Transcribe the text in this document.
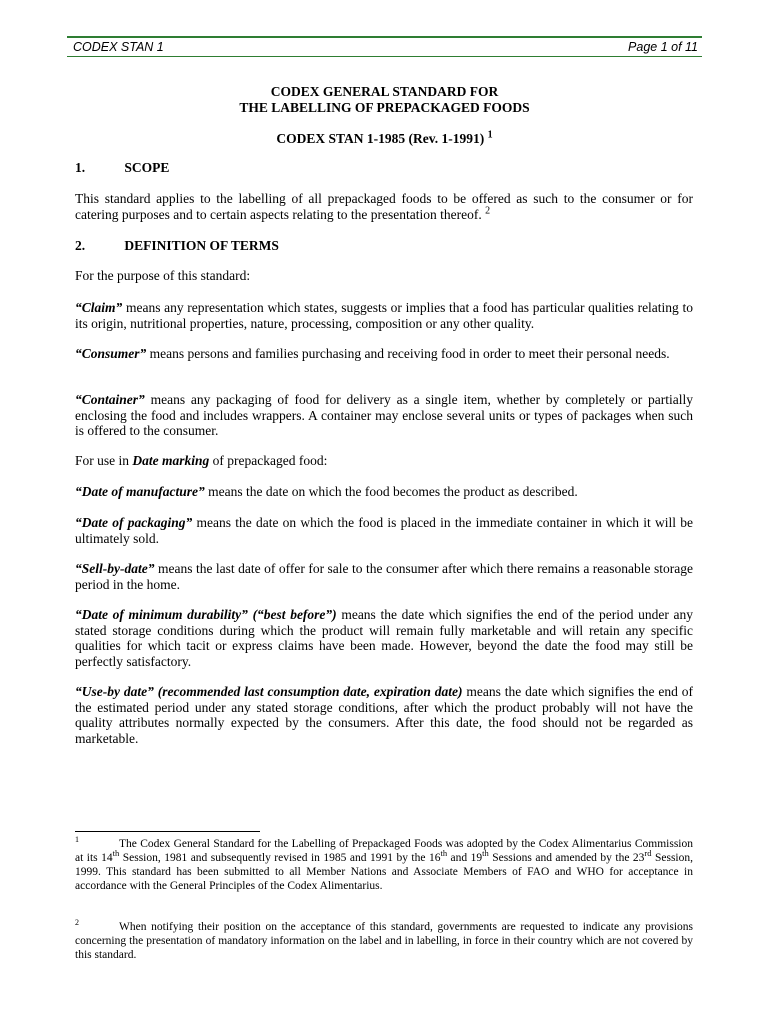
CODEX STAN 1	Page 1 of 11
CODEX GENERAL STANDARD FOR
THE LABELLING OF PREPACKAGED FOODS
CODEX STAN 1-1985 (Rev. 1-1991) $^1$
1.	SCOPE
This standard applies to the labelling of all prepackaged foods to be offered as such to the consumer or for catering purposes and to certain aspects relating to the presentation thereof. $^2$
2.	DEFINITION OF TERMS
For the purpose of this standard:
“Claim” means any representation which states, suggests or implies that a food has particular qualities relating to its origin, nutritional properties, nature, processing, composition or any other quality.
“Consumer” means persons and families purchasing and receiving food in order to meet their personal needs.
“Container” means any packaging of food for delivery as a single item, whether by completely or partially enclosing the food and includes wrappers. A container may enclose several units or types of packages when such is offered to the consumer.
For use in Date marking of prepackaged food:
“Date of manufacture” means the date on which the food becomes the product as described.
“Date of packaging” means the date on which the food is placed in the immediate container in which it will be ultimately sold.
“Sell-by-date” means the last date of offer for sale to the consumer after which there remains a reasonable storage period in the home.
“Date of minimum durability” (“best before”) means the date which signifies the end of the period under any stated storage conditions during which the product will remain fully marketable and will retain any specific qualities for which tacit or express claims have been made. However, beyond the date the food may still be perfectly satisfactory.
“Use-by date” (recommended last consumption date, expiration date) means the date which signifies the end of the estimated period under any stated storage conditions, after which the product probably will not have the quality attributes normally expected by the consumers. After this date, the food should not be regarded as marketable.
$^1$	The Codex General Standard for the Labelling of Prepackaged Foods was adopted by the Codex Alimentarius Commission at its 14th Session, 1981 and subsequently revised in 1985 and 1991 by the 16th and 19th Sessions and amended by the 23rd Session, 1999. This standard has been submitted to all Member Nations and Associate Members of FAO and WHO for acceptance in accordance with the General Principles of the Codex Alimentarius.
$^2$	When notifying their position on the acceptance of this standard, governments are requested to indicate any provisions concerning the presentation of mandatory information on the label and in labelling, in force in their country which are not covered by this standard.
